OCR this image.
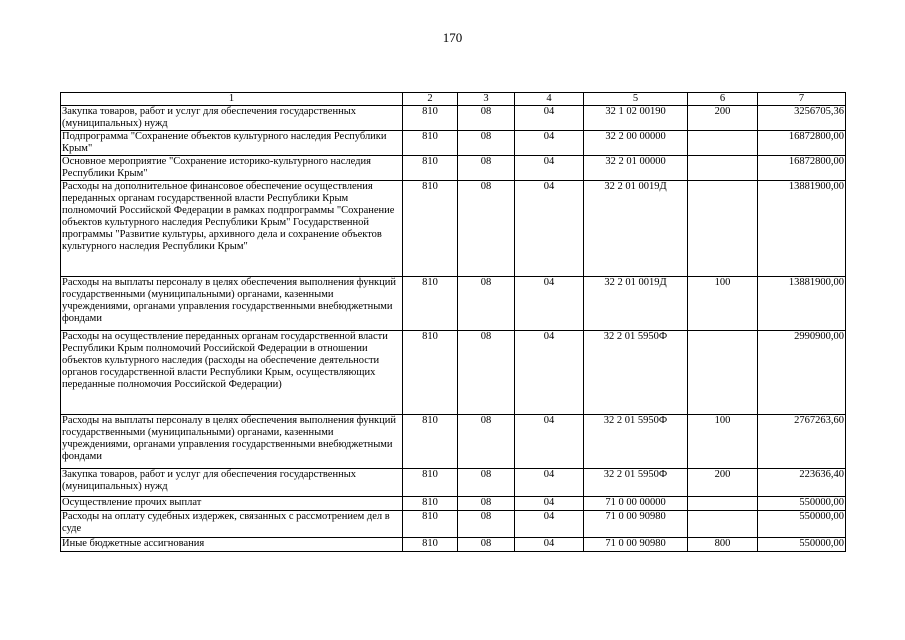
170
1	2	3	4	5	6	7
Закупка товаров, работ и услуг для обеспечения государственных (муниципальных) нужд	810	08	04	32 1 02 00190	200	3256705,36
Подпрограмма "Сохранение объектов культурного наследия Республики Крым"	810	08	04	32 2 00 00000		16872800,00
Основное мероприятие "Сохранение историко-культурного наследия Республики Крым"	810	08	04	32 2 01 00000		16872800,00
Расходы на дополнительное финансовое обеспечение осуществления переданных органам государственной власти Республики Крым полномочий Российской Федерации в рамках подпрограммы "Сохранение объектов культурного наследия Республики Крым" Государственной программы "Развитие культуры, архивного дела и сохранение объектов культурного наследия Республики Крым"	810	08	04	32 2 01 0019Д		13881900,00
Расходы на выплаты персоналу в целях обеспечения выполнения функций государственными (муниципальными) органами, казенными учреждениями, органами управления государственными внебюджетными фондами	810	08	04	32 2 01 0019Д	100	13881900,00
Расходы на осуществление переданных органам государственной власти Республики Крым полномочий Российской Федерации в отношении объектов культурного наследия (расходы на обеспечение деятельности органов государственной власти Республики Крым, осуществляющих переданные полномочия Российской Федерации)	810	08	04	32 2 01 5950Ф		2990900,00
Расходы на выплаты персоналу в целях обеспечения выполнения функций государственными (муниципальными) органами, казенными учреждениями, органами управления государственными внебюджетными фондами	810	08	04	32 2 01 5950Ф	100	2767263,60
Закупка товаров, работ и услуг для обеспечения государственных (муниципальных) нужд	810	08	04	32 2 01 5950Ф	200	223636,40
Осуществление прочих выплат	810	08	04	71 0 00 00000		550000,00
Расходы на оплату судебных издержек, связанных с рассмотрением дел в суде	810	08	04	71 0 00 90980		550000,00
Иные бюджетные ассигнования	810	08	04	71 0 00 90980	800	550000,00
